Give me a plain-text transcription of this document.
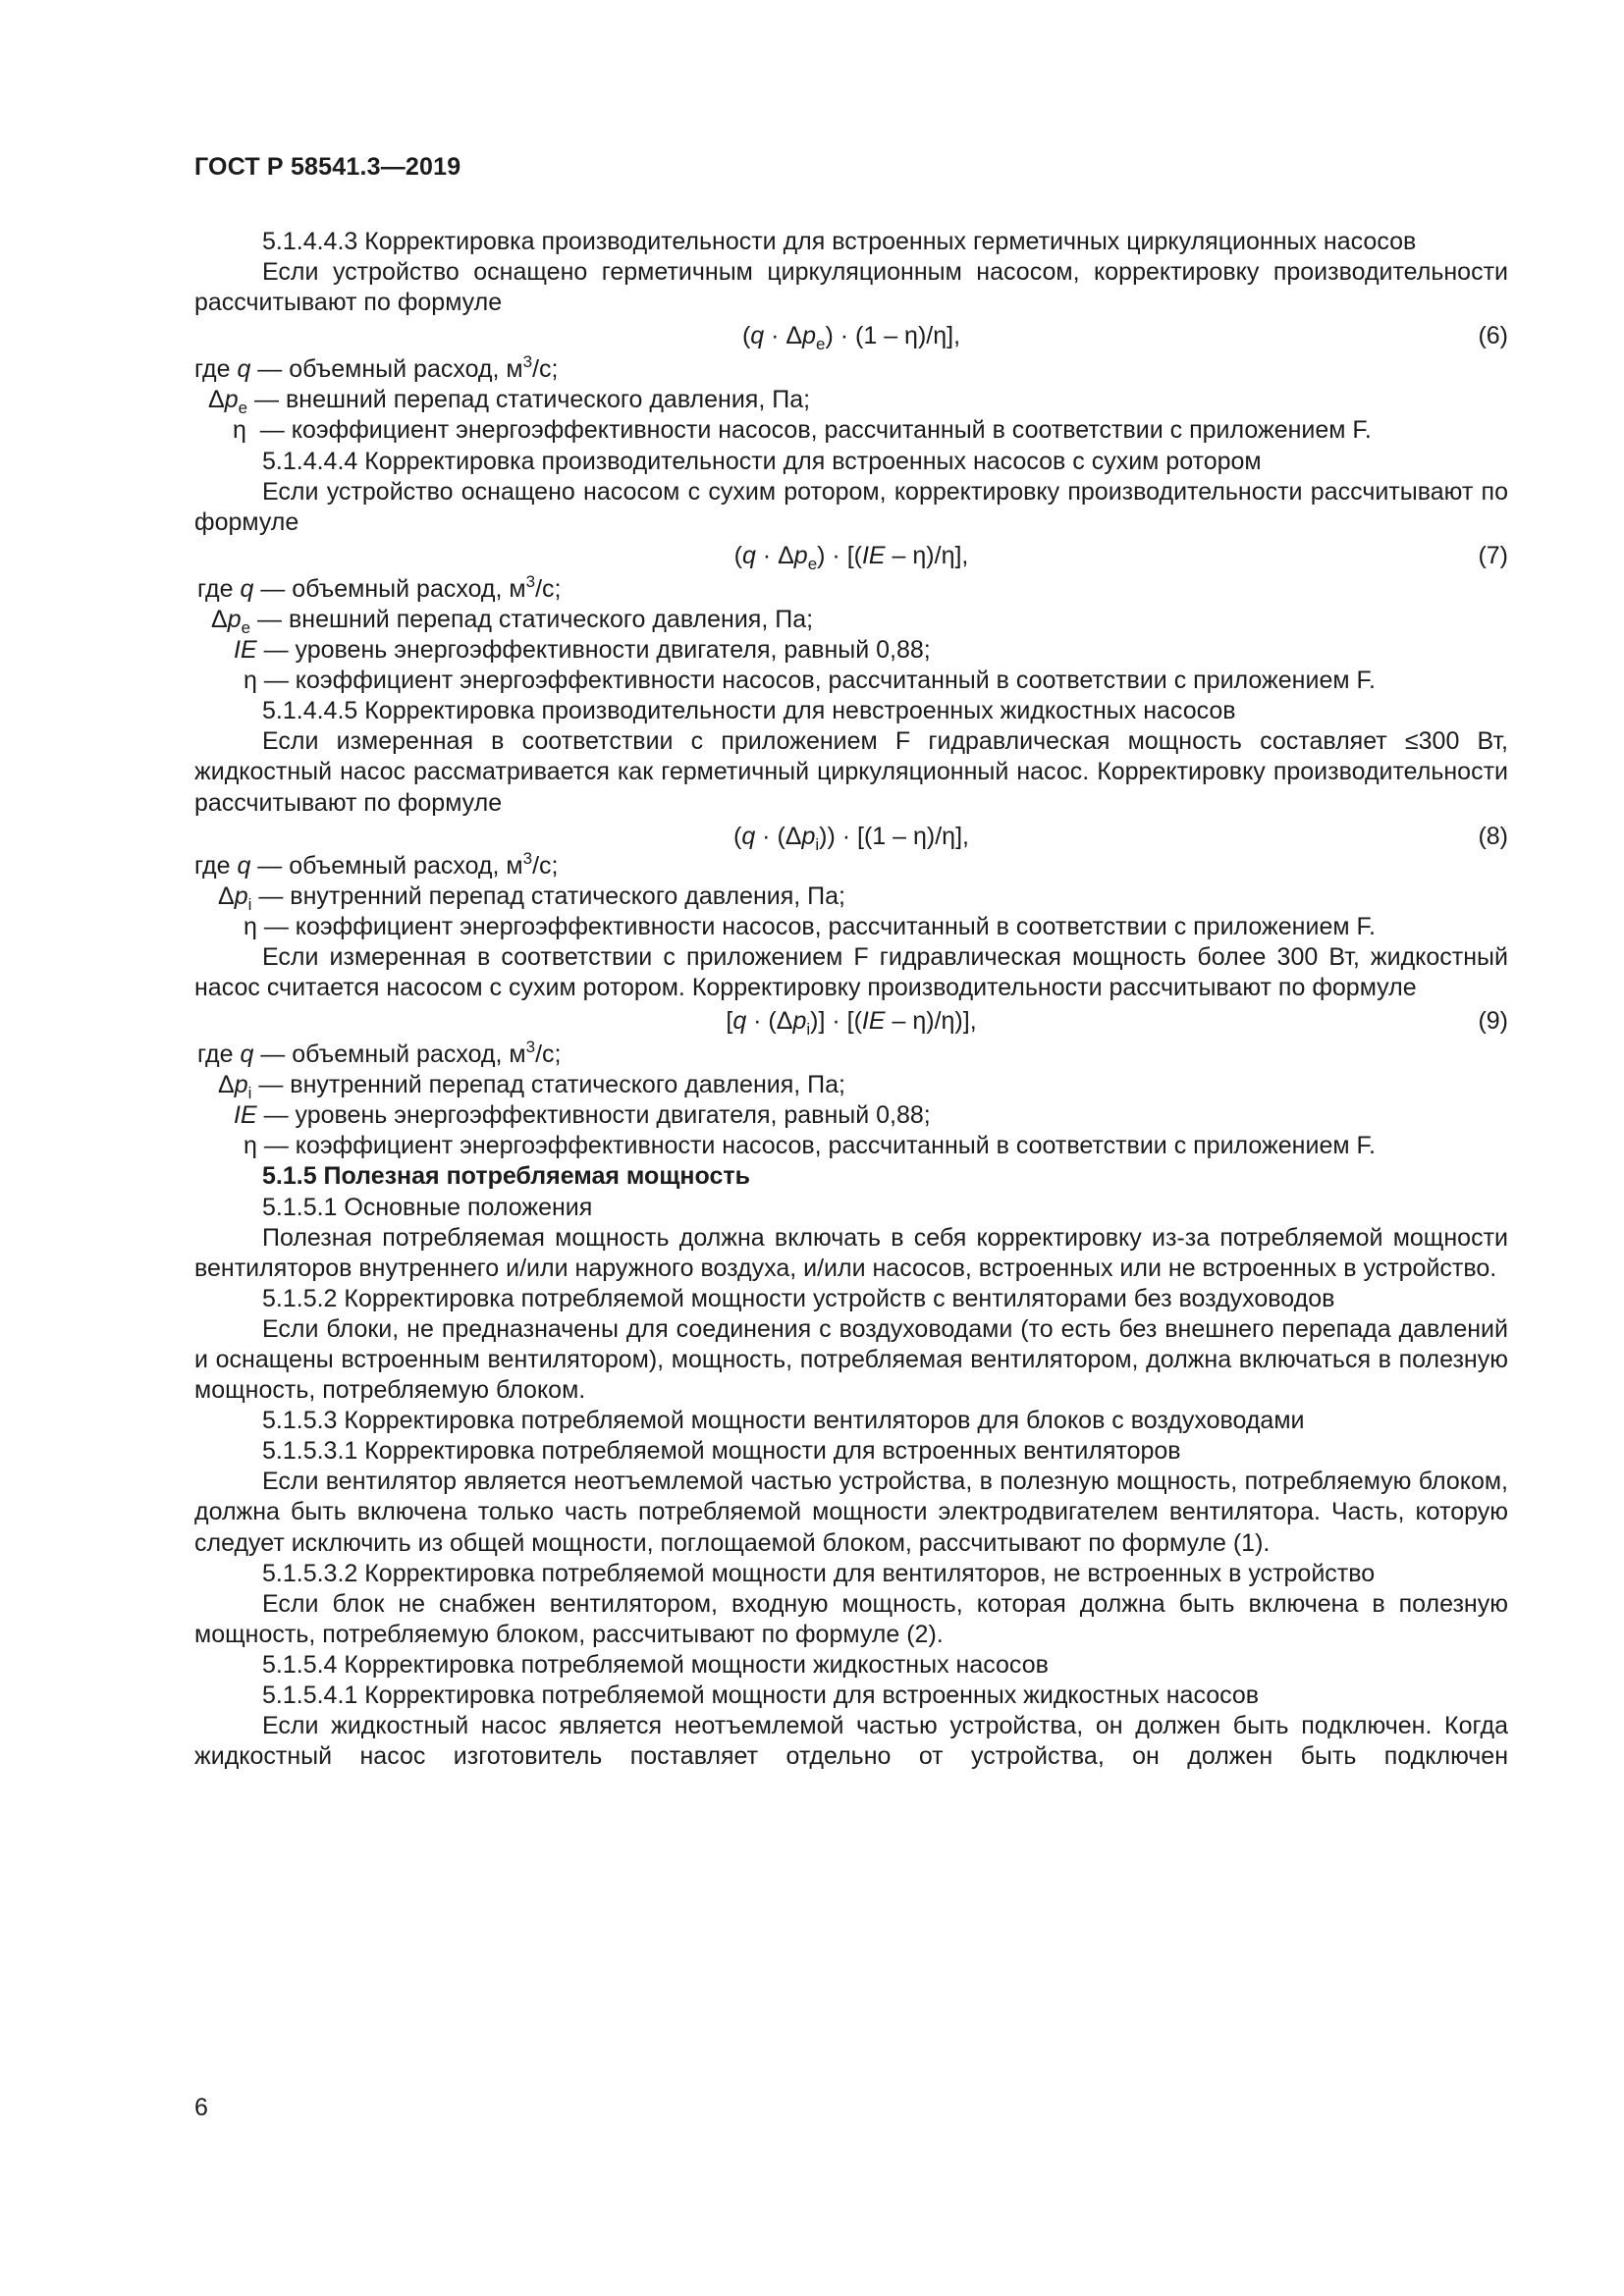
ГОСТ Р 58541.3—2019

5.1.4.4.3 Корректировка производительности для встроенных герметичных циркуляционных насосов

Если устройство оснащено герметичным циркуляционным насосом, корректировку производительности рассчитывают по формуле

$(q \cdot \Delta p_e) \cdot (1 - \eta)/\eta$],	(6)

где q — объемный расход, $м^3/с$;

$\Delta p_e$ — внешний перепад статического давления, Па;

η  — коэффициент энергоэффективности насосов, рассчитанный в соответствии с приложением F.

5.1.4.4.4 Корректировка производительности для встроенных насосов с сухим ротором

Если устройство оснащено насосом с сухим ротором, корректировку производительности рассчитывают по формуле

$(q \cdot \Delta p_e) \cdot [(IE - \eta)/\eta]$,	(7)

где q — объемный расход, $м^3/с$;

$\Delta p_e$ — внешний перепад статического давления, Па;

IE — уровень энергоэффективности двигателя, равный 0,88;

η — коэффициент энергоэффективности насосов, рассчитанный в соответствии с приложением F.

5.1.4.4.5 Корректировка производительности для невстроенных жидкостных насосов

Если измеренная в соответствии с приложением F гидравлическая мощность составляет ≤300 Вт, жидкостный насос рассматривается как герметичный циркуляционный насос. Корректировку производительности рассчитывают по формуле

$(q \cdot (\Delta p_i)) \cdot [(1 - \eta)/\eta]$,	(8)

где q — объемный расход, $м^3/с$;

$\Delta p_i$ — внутренний перепад статического давления, Па;

η — коэффициент энергоэффективности насосов, рассчитанный в соответствии с приложением F.

Если измеренная в соответствии с приложением F гидравлическая мощность более 300 Вт, жидкостный насос считается насосом с сухим ротором. Корректировку производительности рассчитывают по формуле

$[q \cdot (\Delta p_i)] \cdot [(IE - \eta)/\eta)$],	(9)

где q — объемный расход, $м^3/с$;

$\Delta p_i$ — внутренний перепад статического давления, Па;

IE — уровень энергоэффективности двигателя, равный 0,88;

η — коэффициент энергоэффективности насосов, рассчитанный в соответствии с приложением F.

5.1.5 Полезная потребляемая мощность

5.1.5.1 Основные положения

Полезная потребляемая мощность должна включать в себя корректировку из-за потребляемой мощности вентиляторов внутреннего и/или наружного воздуха, и/или насосов, встроенных или не встроенных в устройство.

5.1.5.2 Корректировка потребляемой мощности устройств с вентиляторами без воздуховодов

Если блоки, не предназначены для соединения с воздуховодами (то есть без внешнего перепада давлений и оснащены встроенным вентилятором), мощность, потребляемая вентилятором, должна включаться в полезную мощность, потребляемую блоком.

5.1.5.3 Корректировка потребляемой мощности вентиляторов для блоков с воздуховодами

5.1.5.3.1 Корректировка потребляемой мощности для встроенных вентиляторов

Если вентилятор является неотъемлемой частью устройства, в полезную мощность, потребляемую блоком, должна быть включена только часть потребляемой мощности электродвигателем вентилятора. Часть, которую следует исключить из общей мощности, поглощаемой блоком, рассчитывают по формуле (1).

5.1.5.3.2 Корректировка потребляемой мощности для вентиляторов, не встроенных в устройство

Если блок не снабжен вентилятором, входную мощность, которая должна быть включена в полезную мощность, потребляемую блоком, рассчитывают по формуле (2).

5.1.5.4 Корректировка потребляемой мощности жидкостных насосов

5.1.5.4.1 Корректировка потребляемой мощности для встроенных жидкостных насосов

Если жидкостный насос является неотъемлемой частью устройства, он должен быть подключен. Когда жидкостный насос изготовитель поставляет отдельно от устройства, он должен быть подключен

6
